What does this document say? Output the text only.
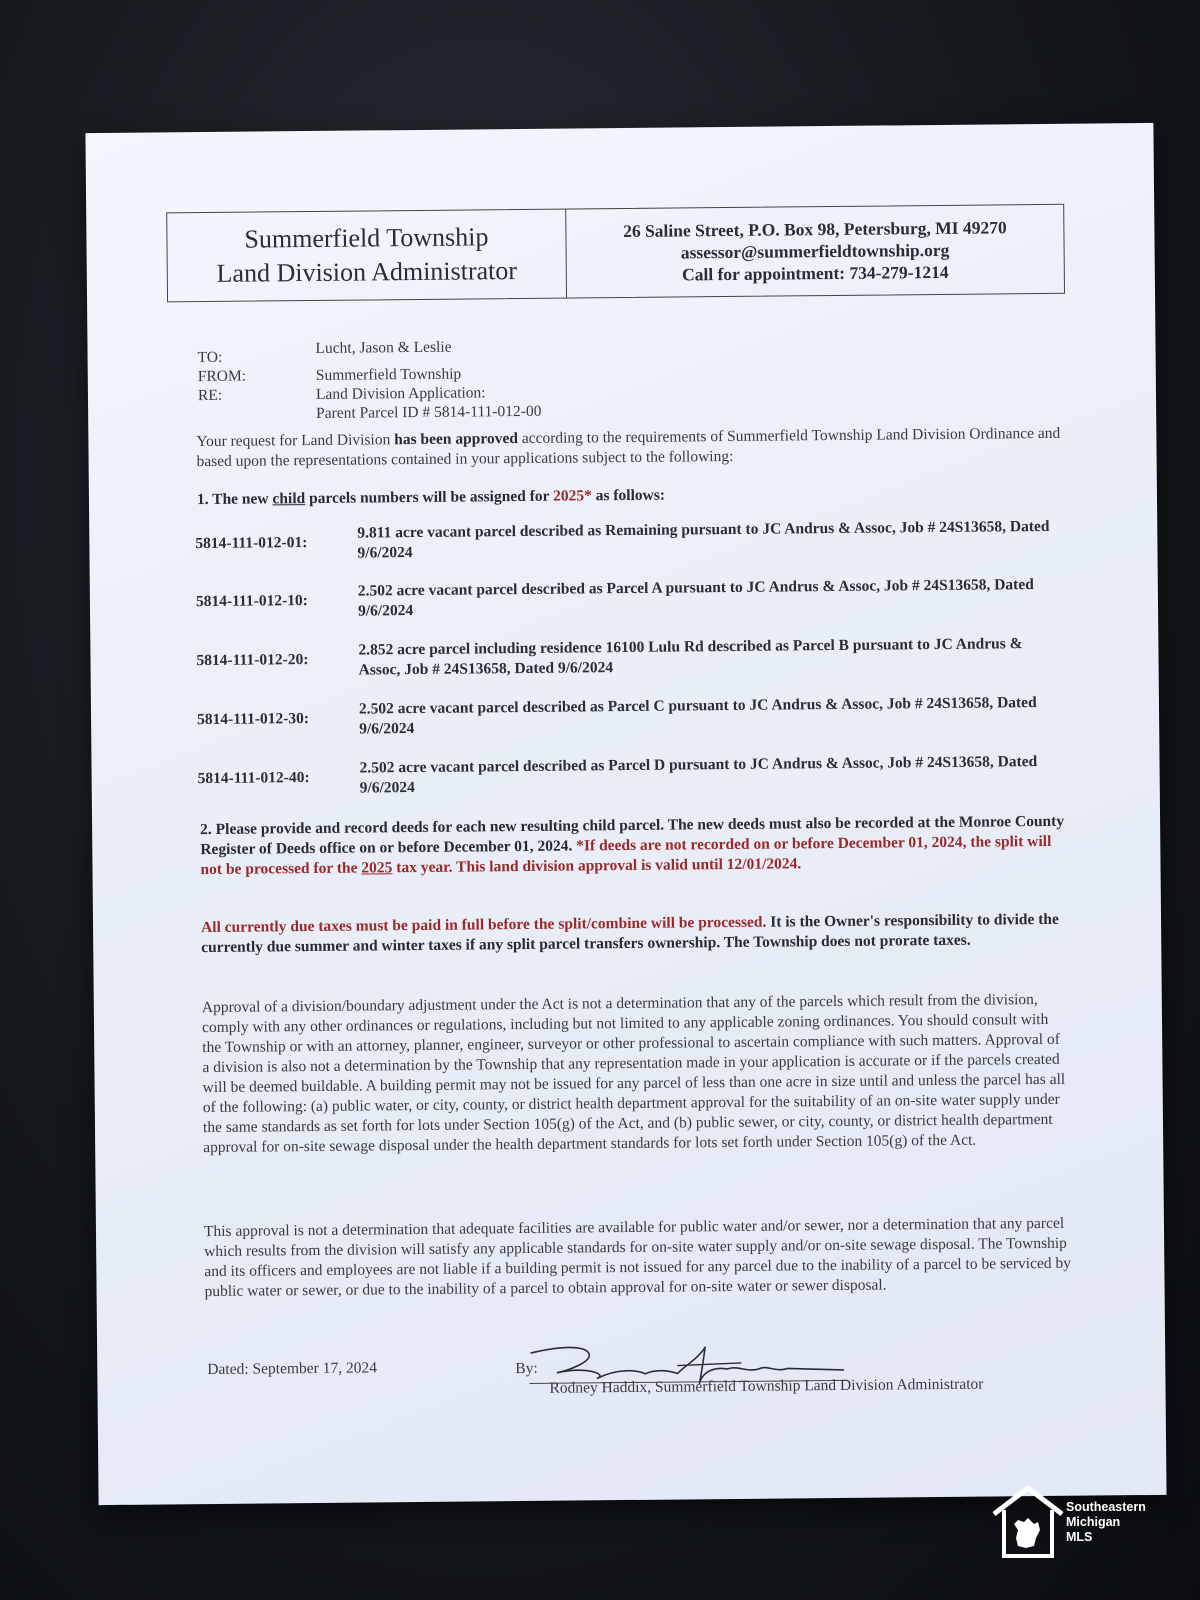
Summerfield Township
Land Division Administrator
26 Saline Street, P.O. Box 98, Petersburg, MI 49270
assessor@summerfieldtownship.org
Call for appointment: 734-279-1214
TO:
Lucht, Jason & Leslie
FROM:	Summerfield Township
RE:	Land Division Application:
Parent Parcel ID # 5814-111-012-00
Your request for Land Division has been approved according to the requirements of Summerfield Township Land Division Ordinance and based upon the representations contained in your applications subject to the following:
1. The new child parcels numbers will be assigned for 2025* as follows:
5814-111-012-01:
9.811 acre vacant parcel described as Remaining pursuant to JC Andrus & Assoc, Job # 24S13658, Dated 9/6/2024
5814-111-012-10:
2.502 acre vacant parcel described as Parcel A pursuant to JC Andrus & Assoc, Job # 24S13658, Dated 9/6/2024
5814-111-012-20:
2.852 acre parcel including residence 16100 Lulu Rd described as Parcel B pursuant to JC Andrus & Assoc, Job # 24S13658, Dated 9/6/2024
5814-111-012-30:
2.502 acre vacant parcel described as Parcel C pursuant to JC Andrus & Assoc, Job # 24S13658, Dated 9/6/2024
5814-111-012-40:
2.502 acre vacant parcel described as Parcel D pursuant to JC Andrus & Assoc, Job # 24S13658, Dated 9/6/2024
2. Please provide and record deeds for each new resulting child parcel. The new deeds must also be recorded at the Monroe County Register of Deeds office on or before December 01, 2024. *If deeds are not recorded on or before December 01, 2024, the split will not be processed for the 2025 tax year. This land division approval is valid until 12/01/2024.
All currently due taxes must be paid in full before the split/combine will be processed. It is the Owner's responsibility to divide the currently due summer and winter taxes if any split parcel transfers ownership. The Township does not prorate taxes.
Approval of a division/boundary adjustment under the Act is not a determination that any of the parcels which result from the division, comply with any other ordinances or regulations, including but not limited to any applicable zoning ordinances. You should consult with the Township or with an attorney, planner, engineer, surveyor or other professional to ascertain compliance with such matters. Approval of a division is also not a determination by the Township that any representation made in your application is accurate or if the parcels created will be deemed buildable. A building permit may not be issued for any parcel of less than one acre in size until and unless the parcel has all of the following: (a) public water, or city, county, or district health department approval for the suitability of an on-site water supply under the same standards as set forth for lots under Section 105(g) of the Act, and (b) public sewer, or city, county, or district health department approval for on-site sewage disposal under the health department standards for lots set forth under Section 105(g) of the Act.
This approval is not a determination that adequate facilities are available for public water and/or sewer, nor a determination that any parcel which results from the division will satisfy any applicable standards for on-site water supply and/or on-site sewage disposal. The Township and its officers and employees are not liable if a building permit is not issued for any parcel due to the inability of a parcel to be serviced by public water or sewer, or due to the inability of a parcel to obtain approval for on-site water or sewer disposal.
Dated: September 17, 2024	By:
Rodney Haddix, Summerfield Township Land Division Administrator
Southeastern
Michigan
MLS
